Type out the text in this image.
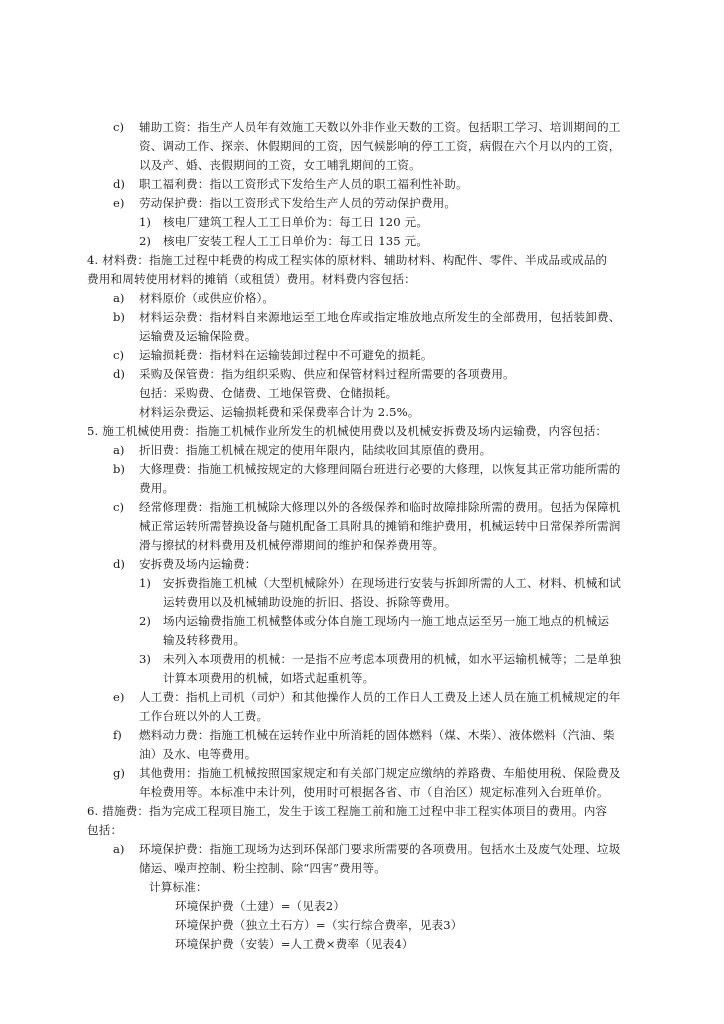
c) 辅助工资：指生产人员年有效施工天数以外非作业天数的工资。包括职工学习、培训期间的工
资、调动工作、探亲、休假期间的工资，因气候影响的停工工资，病假在六个月以内的工资，
以及产、婚、丧假期间的工资，女工哺乳期间的工资。
d) 职工福利费：指以工资形式下发给生产人员的职工福利性补助。
e) 劳动保护费：指以工资形式下发给生产人员的劳动保护费用。
1) 核电厂建筑工程人工工日单价为：每工日 120 元。
2) 核电厂安装工程人工工日单价为：每工日 135 元。
4. 材料费：指施工过程中耗费的构成工程实体的原材料、辅助材料、构配件、零件、半成品或成品的
费用和周转使用材料的摊销（或租赁）费用。材料费内容包括：
a) 材料原价（或供应价格）。
b) 材料运杂费：指材料自来源地运至工地仓库或指定堆放地点所发生的全部费用，包括装卸费、
运输费及运输保险费。
c) 运输损耗费：指材料在运输装卸过程中不可避免的损耗。
d) 采购及保管费：指为组织采购、供应和保管材料过程所需要的各项费用。
包括：采购费、仓储费、工地保管费、仓储损耗。
材料运杂费运、运输损耗费和采保费率合计为 2.5%。
5. 施工机械使用费：指施工机械作业所发生的机械使用费以及机械安拆费及场内运输费，内容包括：
a) 折旧费：指施工机械在规定的使用年限内，陆续收回其原值的费用。
b) 大修理费：指施工机械按规定的大修理间隔台班进行必要的大修理，以恢复其正常功能所需的
费用。
c) 经常修理费：指施工机械除大修理以外的各级保养和临时故障排除所需的费用。包括为保障机
械正常运转所需替换设备与随机配备工具附具的摊销和维护费用，机械运转中日常保养所需润
滑与擦拭的材料费用及机械停滞期间的维护和保养费用等。
d) 安拆费及场内运输费：
1) 安拆费指施工机械（大型机械除外）在现场进行安装与拆卸所需的人工、材料、机械和试
运转费用以及机械辅助设施的折旧、搭设、拆除等费用。
2) 场内运输费指施工机械整体或分体自施工现场内一施工地点运至另一施工地点的机械运
输及转移费用。
3) 未列入本项费用的机械：一是指不应考虑本项费用的机械，如水平运输机械等；二是单独
计算本项费用的机械，如塔式起重机等。
e) 人工费：指机上司机（司炉）和其他操作人员的工作日人工费及上述人员在施工机械规定的年
工作台班以外的人工费。
f) 燃料动力费：指施工机械在运转作业中所消耗的固体燃料（煤、木柴）、液体燃料（汽油、柴
油）及水、电等费用。
g) 其他费用：指施工机械按照国家规定和有关部门规定应缴纳的养路费、车船使用税、保险费及
年检费用等。本标准中未计列，使用时可根据各省、市（自治区）规定标准列入台班单价。
6. 措施费：指为完成工程项目施工，发生于该工程施工前和施工过程中非工程实体项目的费用。内容
包括：
a) 环境保护费：指施工现场为达到环保部门要求所需要的各项费用。包括水土及废气处理、垃圾
储运、噪声控制、粉尘控制、除“四害”费用等。
计算标准：
环境保护费（土建）=（见表2）
环境保护费（独立土石方）=（实行综合费率，见表3）
环境保护费（安装）=人工费×费率（见表4）
